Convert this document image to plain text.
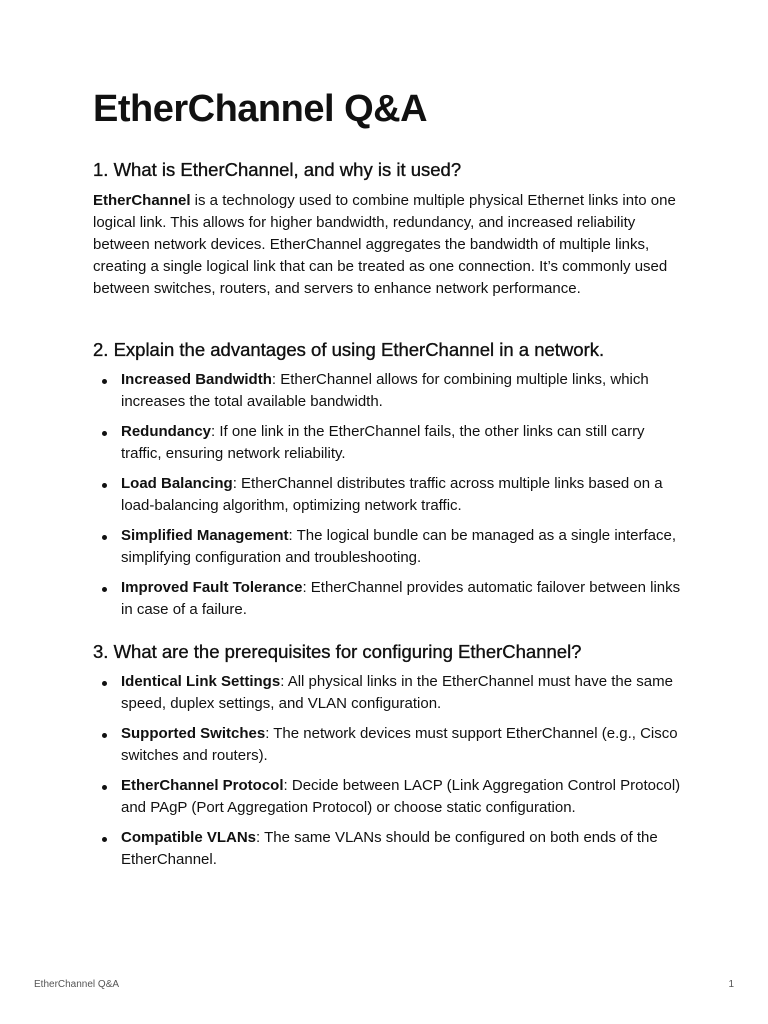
EtherChannel Q&A
1. What is EtherChannel, and why is it used?

EtherChannel is a technology used to combine multiple physical Ethernet links into one logical link. This allows for higher bandwidth, redundancy, and increased reliability between network devices. EtherChannel aggregates the bandwidth of multiple links, creating a single logical link that can be treated as one connection. It’s commonly used between switches, routers, and servers to enhance network performance.

2. Explain the advantages of using EtherChannel in a network.
Increased Bandwidth: EtherChannel allows for combining multiple links, which increases the total available bandwidth.
Redundancy: If one link in the EtherChannel fails, the other links can still carry traffic, ensuring network reliability.
Load Balancing: EtherChannel distributes traffic across multiple links based on a load-balancing algorithm, optimizing network traffic.
Simplified Management: The logical bundle can be managed as a single interface, simplifying configuration and troubleshooting.
Improved Fault Tolerance: EtherChannel provides automatic failover between links in case of a failure.
3. What are the prerequisites for configuring EtherChannel?
Identical Link Settings: All physical links in the EtherChannel must have the same speed, duplex settings, and VLAN configuration.
Supported Switches: The network devices must support EtherChannel (e.g., Cisco switches and routers).
EtherChannel Protocol: Decide between LACP (Link Aggregation Control Protocol) and PAgP (Port Aggregation Protocol) or choose static configuration.
Compatible VLANs: The same VLANs should be configured on both ends of the EtherChannel.
EtherChannel Q&A	1
